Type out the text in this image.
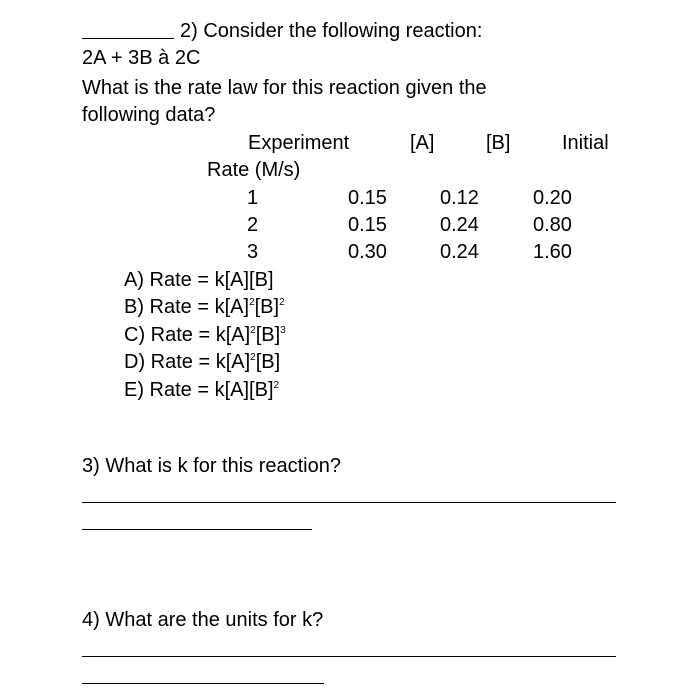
2) Consider the following reaction:
2A + 3B à 2C
What is the rate law for this reaction given the
following data?
Experiment	[A]	[B]	Initial
Rate (M/s)
1	0.15	0.12	0.20
2	0.15	0.24	0.80
3	0.30	0.24	1.60
A) Rate = k[A][B]
B) Rate = $k[A]^2[B]^2$
C) Rate = $k[A]^2[B]^3$
D) Rate = $k[A]^2[B]$
E) Rate = $k[A][B]^2$
3) What is k for this reaction?
4) What are the units for k?
